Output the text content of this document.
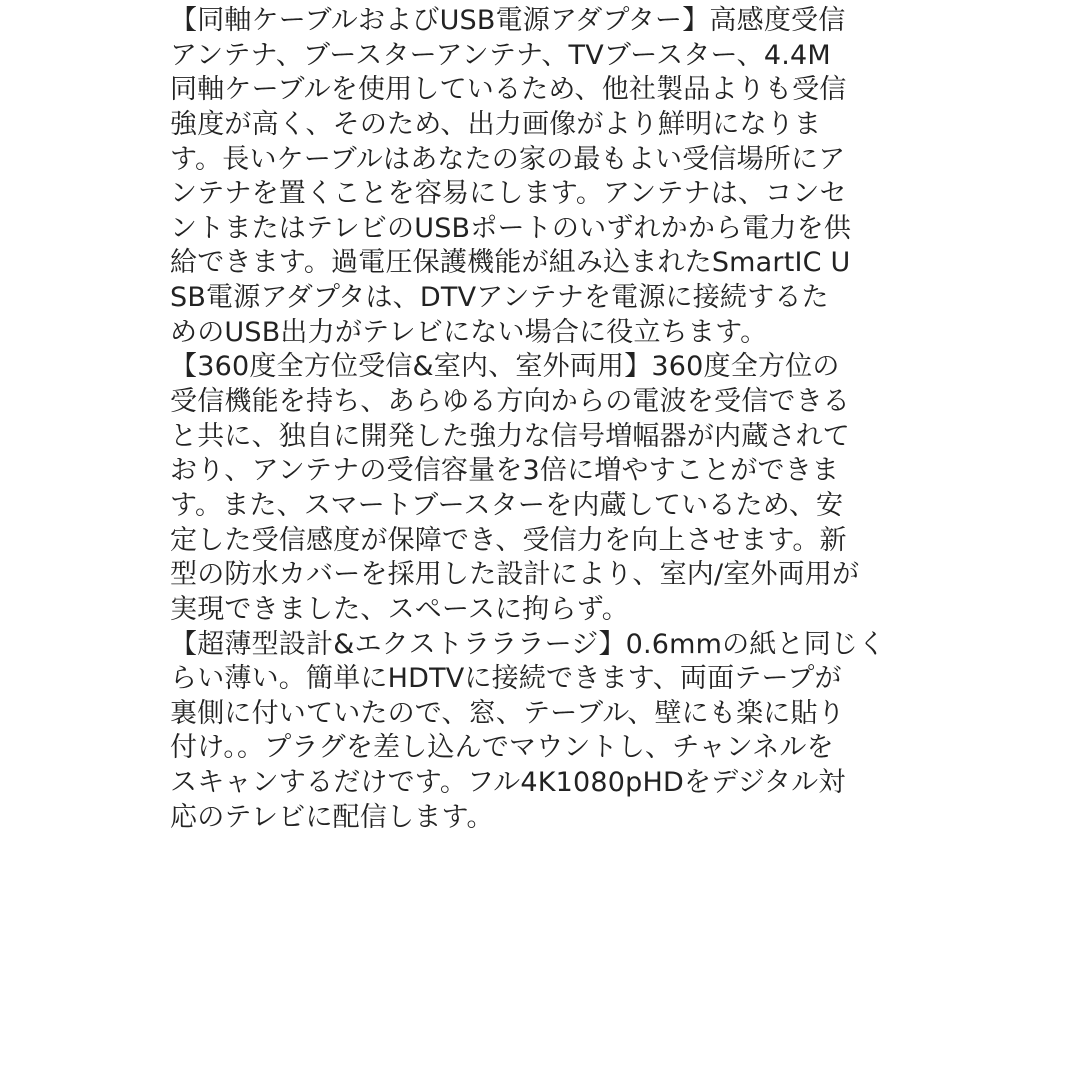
【同軸ケーブルおよびUSB電源アダプター】高感度受信

アンテナ、ブースターアンテナ、TVブースター、4.4M

同軸ケーブルを使用しているため、他社製品よりも受信

強度が高く、そのため、出力画像がより鮮明になりま

す。長いケーブルはあなたの家の最もよい受信場所にア

ンテナを置くことを容易にします。アンテナは、コンセ

ントまたはテレビのUSBポートのいずれかから電力を供

給できます。過電圧保護機能が組み込まれたSmartIC U

SB電源アダプタは、DTVアンテナを電源に接続するた

めのUSB出力がテレビにない場合に役立ちます。

【360度全方位受信&室内、室外両用】360度全方位の

受信機能を持ち、あらゆる方向からの電波を受信できる

と共に、独自に開発した強力な信号増幅器が内蔵されて

おり、アンテナの受信容量を3倍に増やすことができま

す。また、スマートブースターを内蔵しているため、安

定した受信感度が保障でき、受信力を向上させます。新

型の防水カバーを採用した設計により、室内/室外両用が

実現できました、スペースに拘らず。

【超薄型設計&エクストラララージ】0.6mmの紙と同じく

らい薄い。簡単にHDTVに接続できます、両面テープが

裏側に付いていたので、窓、テーブル、壁にも楽に貼り

付け。。プラグを差し込んでマウントし、チャンネルを

スキャンするだけです。フル4K1080pHDをデジタル対

応のテレビに配信します。
